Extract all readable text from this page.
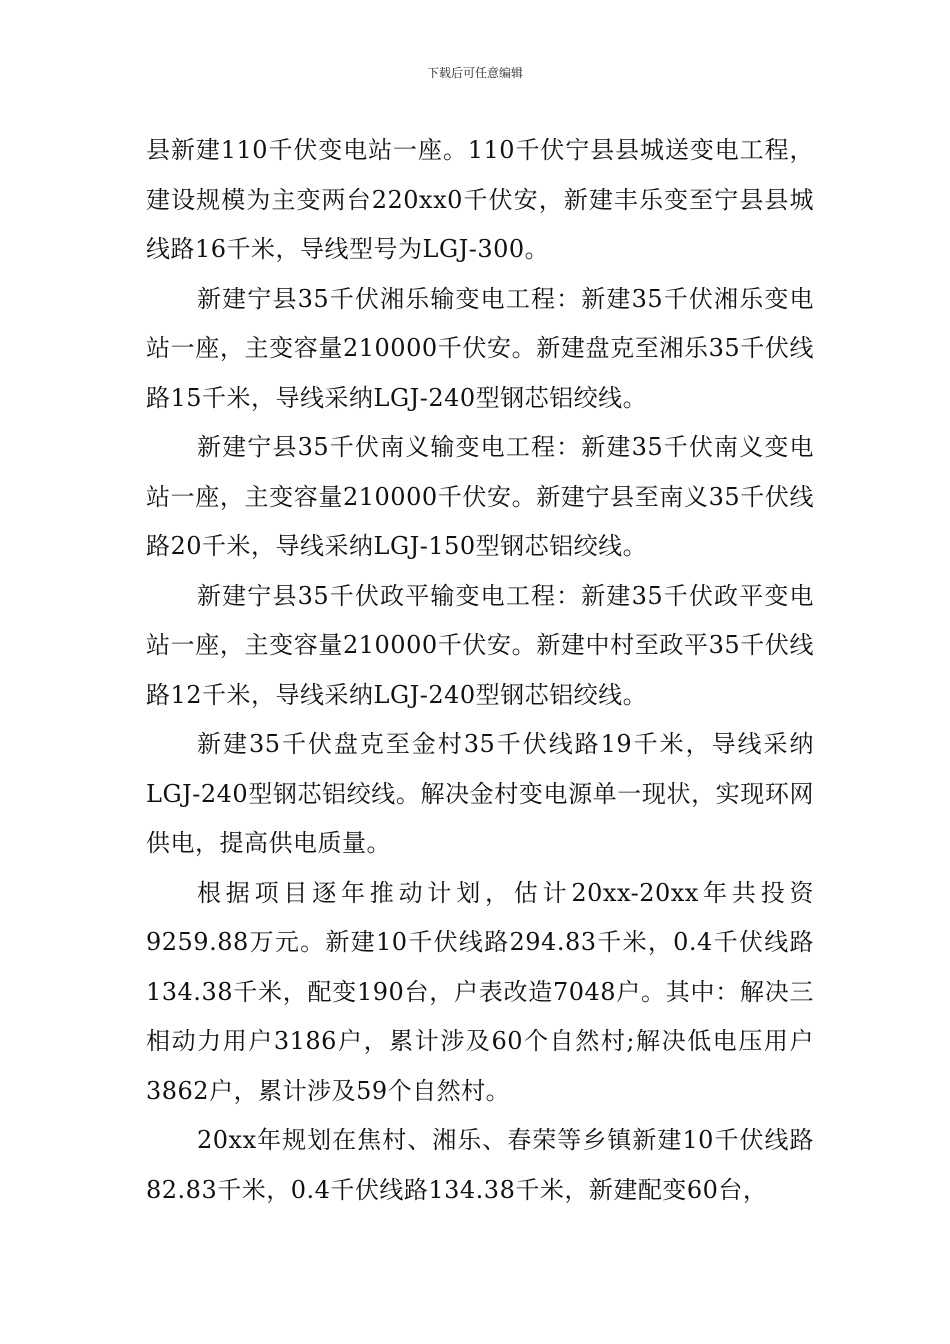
下载后可任意编辑

县新建110千伏变电站一座。110千伏宁县县城送变电工程，建设规模为主变两台220xx0千伏安，新建丰乐变至宁县县城线路16千米，导线型号为LGJ-300。

新建宁县35千伏湘乐输变电工程：新建35千伏湘乐变电站一座，主变容量210000千伏安。新建盘克至湘乐35千伏线路15千米，导线采纳LGJ-240型钢芯铝绞线。

新建宁县35千伏南义输变电工程：新建35千伏南义变电站一座，主变容量210000千伏安。新建宁县至南义35千伏线路20千米，导线采纳LGJ-150型钢芯铝绞线。

新建宁县35千伏政平输变电工程：新建35千伏政平变电站一座，主变容量210000千伏安。新建中村至政平35千伏线路12千米，导线采纳LGJ-240型钢芯铝绞线。

新建35千伏盘克至金村35千伏线路19千米，导线采纳LGJ-240型钢芯铝绞线。解决金村变电源单一现状，实现环网供电，提高供电质量。

根据项目逐年推动计划，估计20xx-20xx年共投资9259.88万元。新建10千伏线路294.83千米，0.4千伏线路134.38千米，配变190台，户表改造7048户。其中：解决三相动力用户3186户，累计涉及60个自然村;解决低电压用户3862户，累计涉及59个自然村。

20xx年规划在焦村、湘乐、春荣等乡镇新建10千伏线路82.83千米，0.4千伏线路134.38千米，新建配变60台，
